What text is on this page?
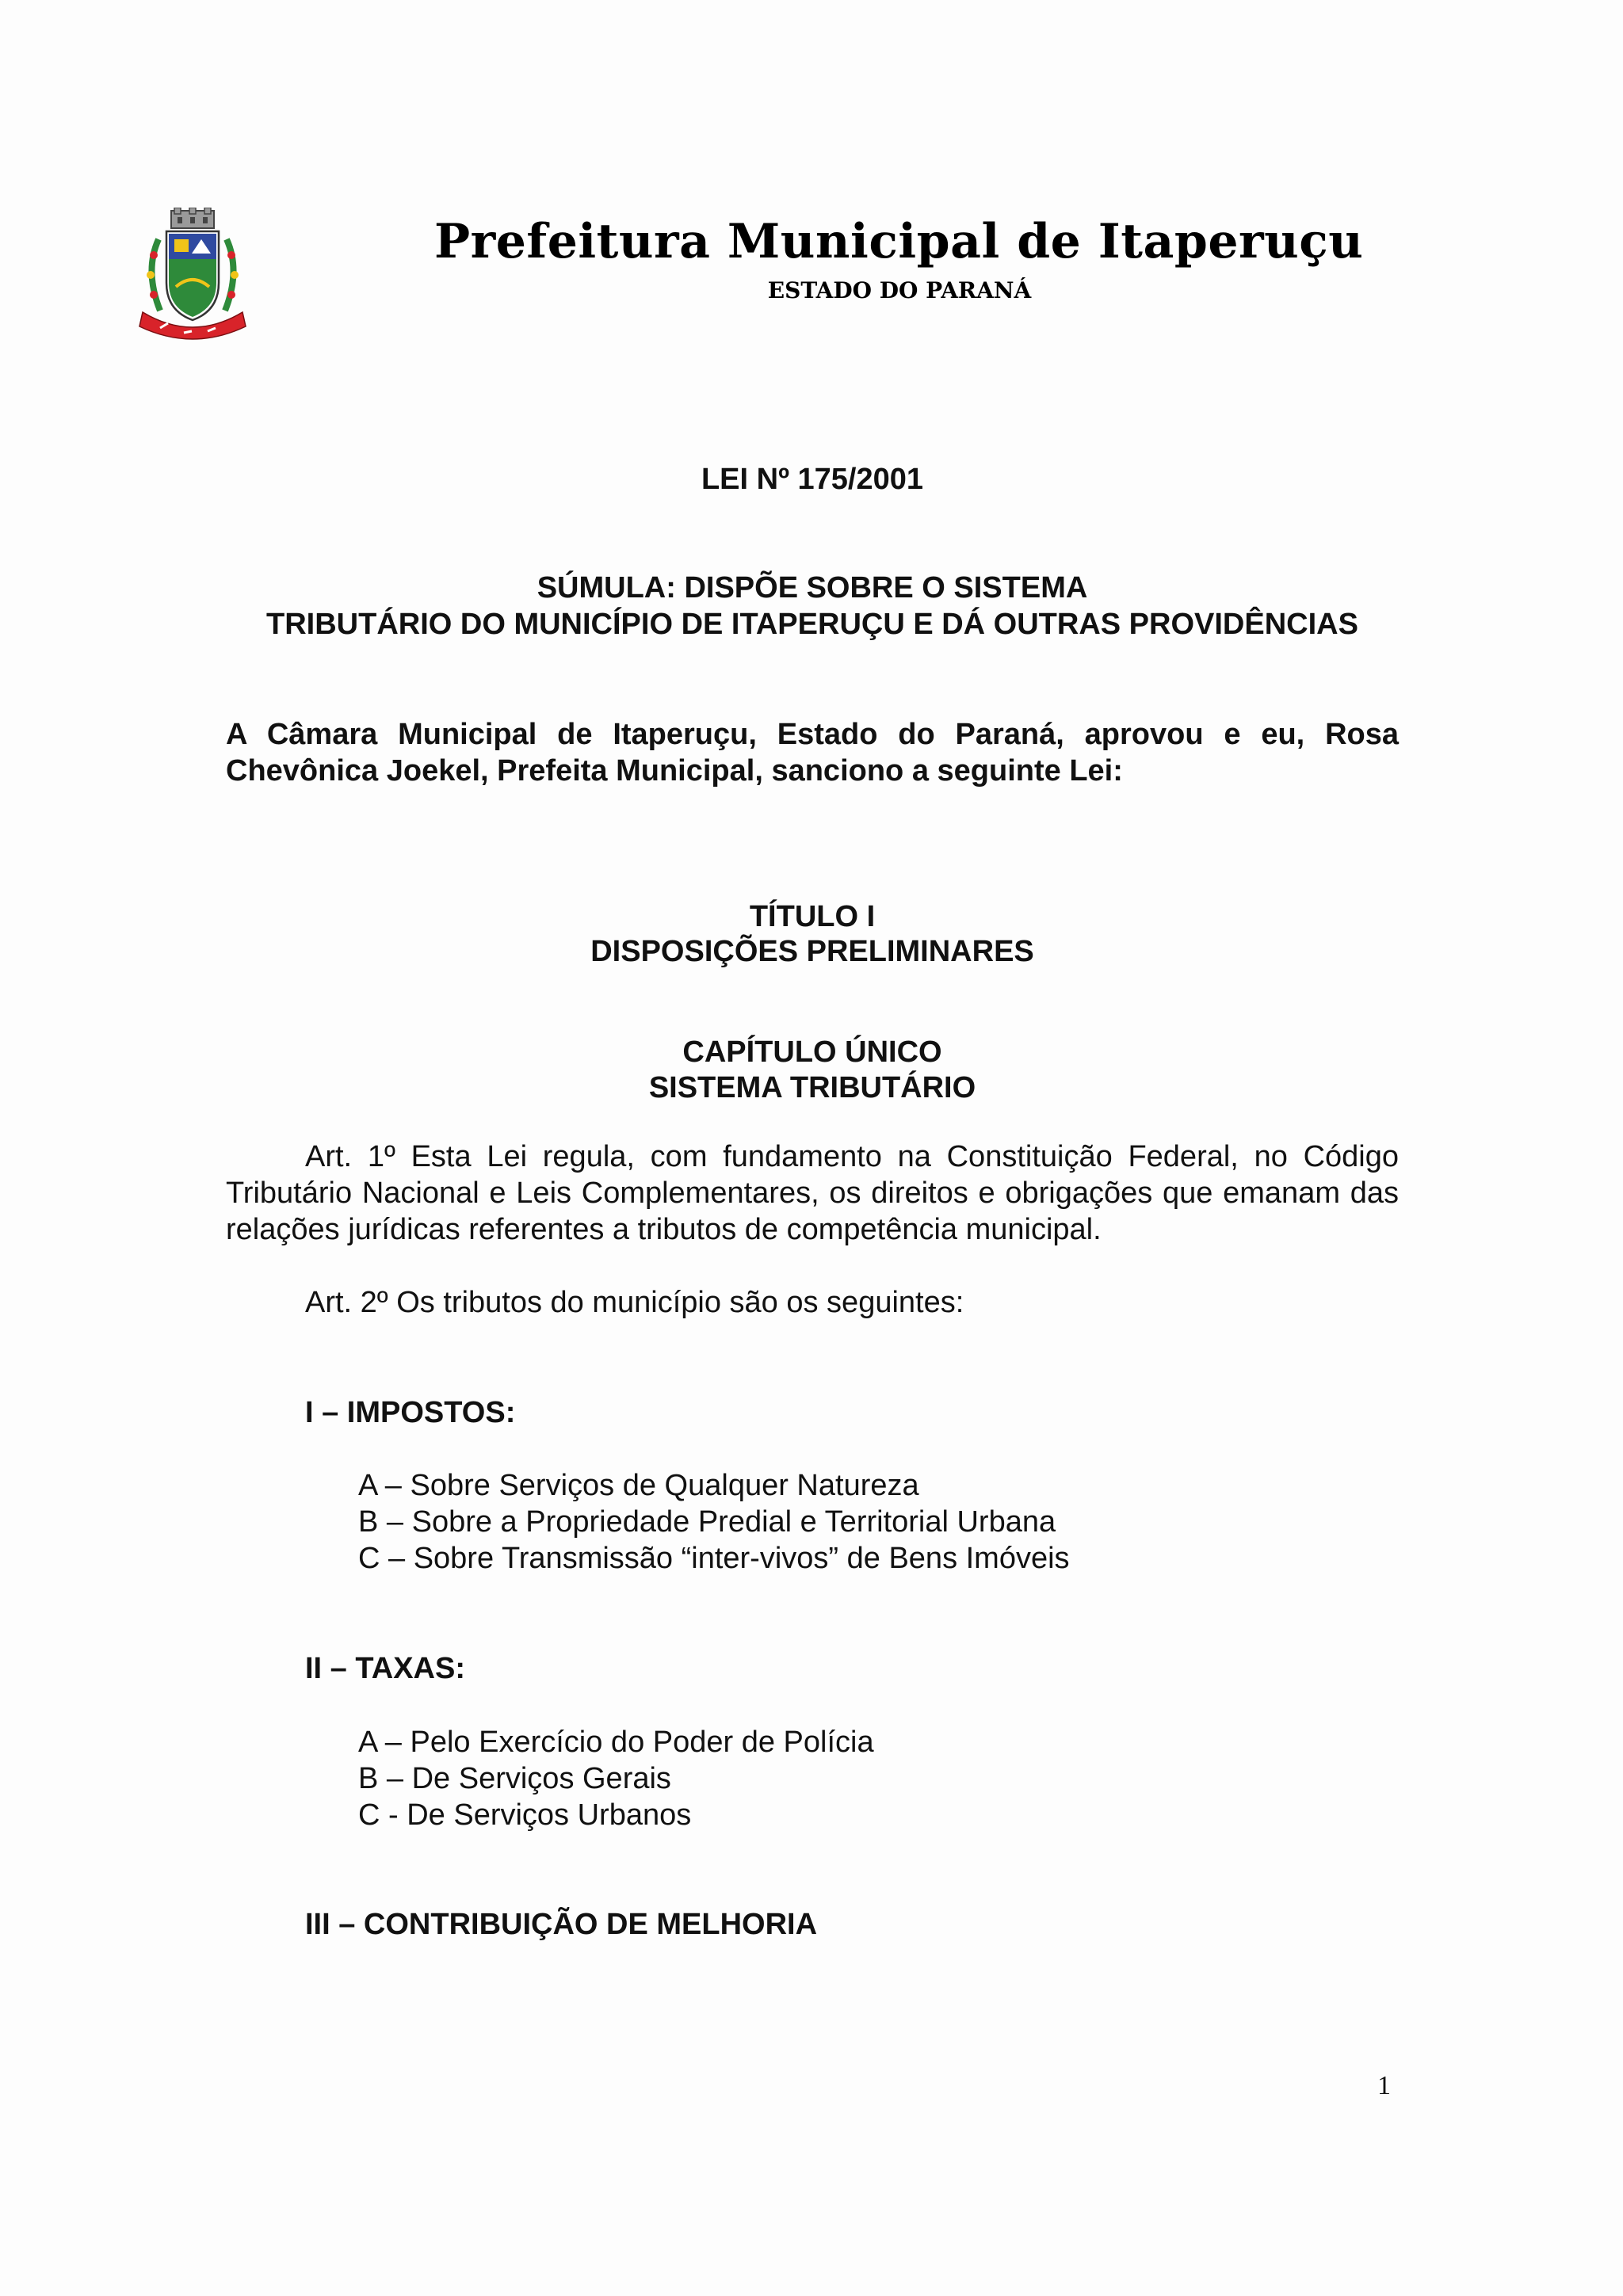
Prefeitura Municipal de Itaperuçu
ESTADO DO PARANÁ
LEI Nº 175/2001
SÚMULA: DISPÕE SOBRE O SISTEMA
TRIBUTÁRIO DO MUNICÍPIO DE ITAPERUÇU E DÁ OUTRAS PROVIDÊNCIAS
A Câmara Municipal de Itaperuçu, Estado do Paraná, aprovou e eu, Rosa Chevônica Joekel, Prefeita Municipal, sanciono a seguinte Lei:
TÍTULO I
DISPOSIÇÕES PRELIMINARES
CAPÍTULO ÚNICO
SISTEMA TRIBUTÁRIO
Art. 1º Esta Lei regula, com fundamento na Constituição Federal, no Código Tributário Nacional e Leis Complementares, os direitos e obrigações que emanam das relações jurídicas referentes a tributos de competência municipal.
Art. 2º Os tributos do município são os seguintes:
I – IMPOSTOS:
A – Sobre Serviços de Qualquer Natureza
B – Sobre a Propriedade Predial e Territorial Urbana
C – Sobre Transmissão “inter-vivos” de Bens Imóveis
II – TAXAS:
A – Pelo Exercício do Poder de Polícia
B – De Serviços Gerais
C - De Serviços Urbanos
III – CONTRIBUIÇÃO DE MELHORIA
1
